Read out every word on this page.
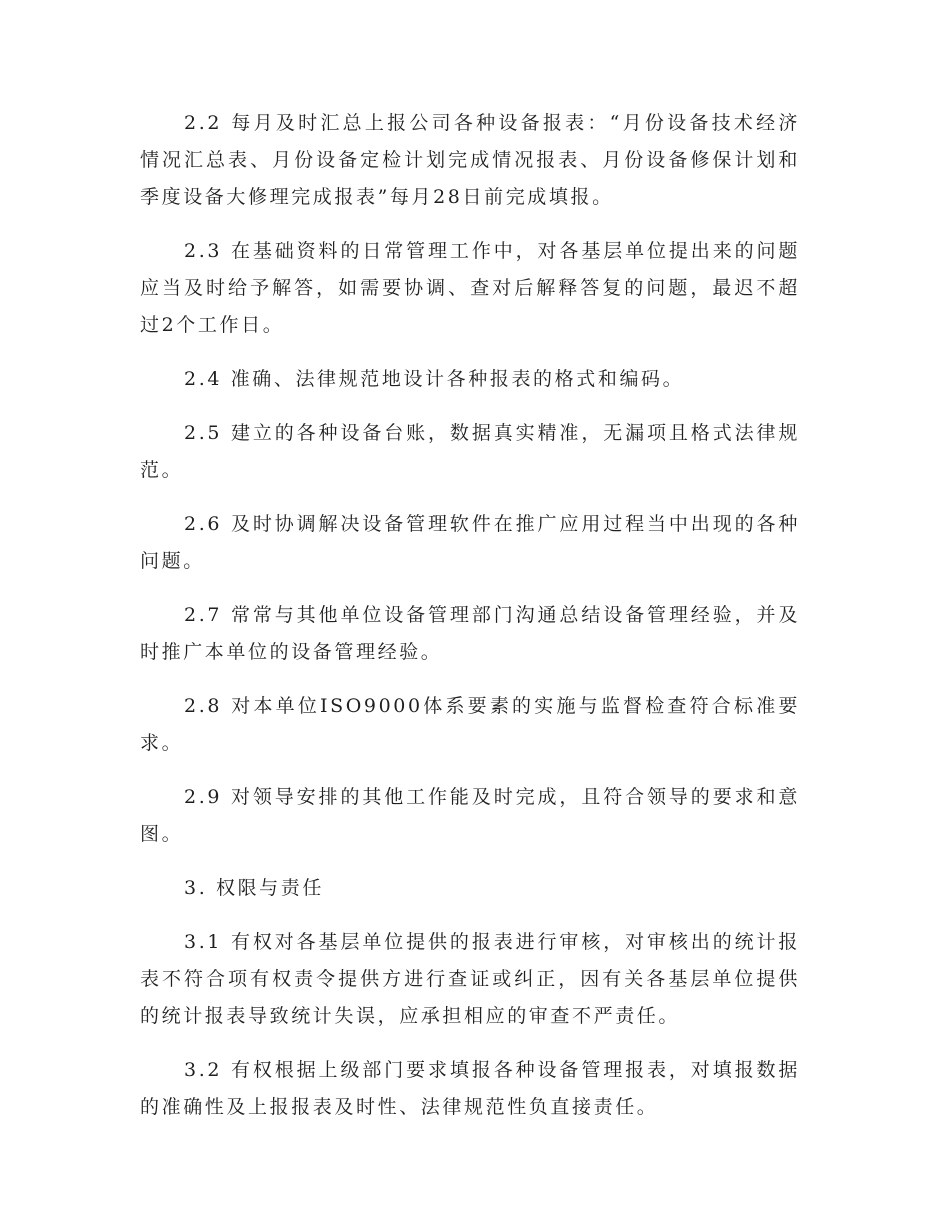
2.2 每月及时汇总上报公司各种设备报表：“月份设备技术经济情况汇总表、月份设备定检计划完成情况报表、月份设备修保计划和季度设备大修理完成报表”每月28日前完成填报。

2.3 在基础资料的日常管理工作中，对各基层单位提出来的问题应当及时给予解答，如需要协调、查对后解释答复的问题，最迟不超过2个工作日。

2.4 准确、法律规范地设计各种报表的格式和编码。

2.5 建立的各种设备台账，数据真实精准，无漏项且格式法律规范。

2.6 及时协调解决设备管理软件在推广应用过程当中出现的各种问题。

2.7 常常与其他单位设备管理部门沟通总结设备管理经验，并及时推广本单位的设备管理经验。

2.8 对本单位ISO9000体系要素的实施与监督检查符合标准要求。

2.9 对领导安排的其他工作能及时完成，且符合领导的要求和意图。

3. 权限与责任

3.1 有权对各基层单位提供的报表进行审核，对审核出的统计报表不符合项有权责令提供方进行查证或纠正，因有关各基层单位提供的统计报表导致统计失误，应承担相应的审查不严责任。

3.2 有权根据上级部门要求填报各种设备管理报表，对填报数据的准确性及上报报表及时性、法律规范性负直接责任。
